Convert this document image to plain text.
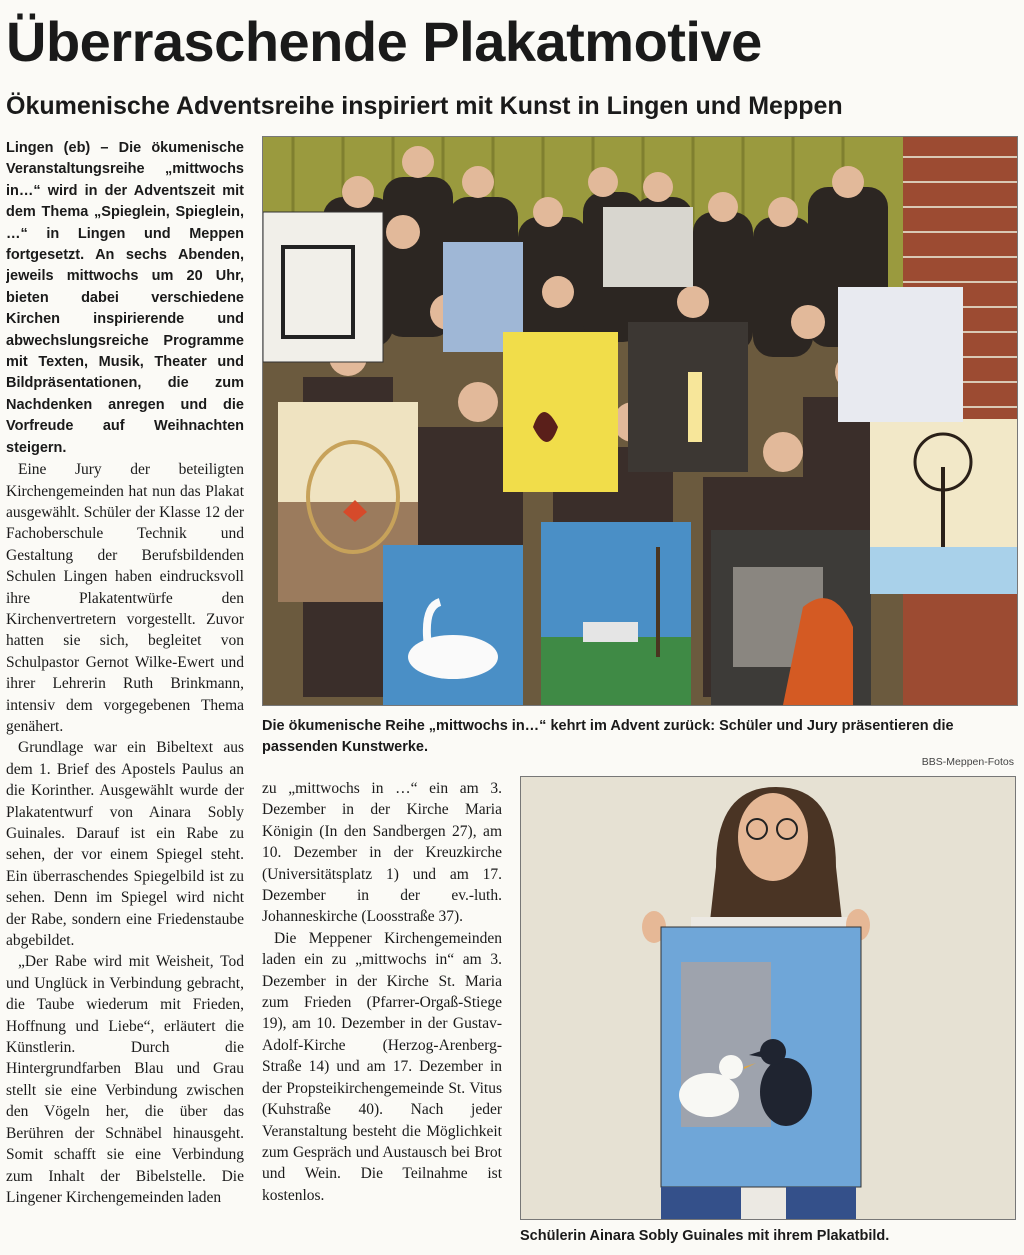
Überraschende Plakatmotive
Ökumenische Adventsreihe inspiriert mit Kunst in Lingen und Meppen

Lingen (eb) – Die ökumenische Veranstaltungsreihe „mittwochs in…“ wird in der Adventszeit mit dem Thema „Spieglein, Spieglein, …“ in Lingen und Meppen fortgesetzt. An sechs Abenden, jeweils mittwochs um 20 Uhr, bieten dabei verschiedene Kirchen inspirierende und abwechslungsreiche Programme mit Texten, Musik, Theater und Bildpräsentationen, die zum Nachdenken anregen und die Vorfreude auf Weihnachten steigern.

Eine Jury der beteiligten Kirchengemeinden hat nun das Plakat ausgewählt. Schüler der Klasse 12 der Fachoberschule Technik und Gestaltung der Berufsbildenden Schulen Lingen haben eindrucksvoll ihre Plakatentwürfe den Kirchenvertretern vorgestellt. Zuvor hatten sie sich, begleitet von Schulpastor Gernot Wilke-Ewert und ihrer Lehrerin Ruth Brinkmann, intensiv dem vorgegebenen Thema genähert.

Grundlage war ein Bibeltext aus dem 1. Brief des Apostels Paulus an die Korinther. Ausgewählt wurde der Plakatentwurf von Ainara Sobly Guinales. Darauf ist ein Rabe zu sehen, der vor einem Spiegel steht. Ein überraschendes Spiegelbild ist zu sehen. Denn im Spiegel wird nicht der Rabe, sondern eine Friedenstaube abgebildet.

„Der Rabe wird mit Weisheit, Tod und Unglück in Verbindung gebracht, die Taube wiederum mit Frieden, Hoffnung und Liebe“, erläutert die Künstlerin. Durch die Hintergrundfarben Blau und Grau stellt sie eine Verbindung zwischen den Vögeln her, die über das Berühren der Schnäbel hinausgeht. Somit schafft sie eine Verbindung zum Inhalt der Bibelstelle. Die Lingener Kirchengemeinden laden

zu „mittwochs in …“ ein am 3. Dezember in der Kirche Maria Königin (In den Sandbergen 27), am 10. Dezember in der Kreuzkirche (Universitätsplatz 1) und am 17. Dezember in der ev.-luth. Johanneskirche (Loosstraße 37).

Die Meppener Kirchengemeinden laden ein zu „mittwochs in“ am 3. Dezember in der Kirche St. Maria zum Frieden (Pfarrer-Orgaß-Stiege 19), am 10. Dezember in der Gustav-Adolf-Kirche (Herzog-Arenberg-Straße 14) und am 17. Dezember in der Propsteikirchengemeinde St. Vitus (Kuhstraße 40). Nach jeder Veranstaltung besteht die Möglichkeit zum Gespräch und Austausch bei Brot und Wein. Die Teilnahme ist kostenlos.

Die ökumenische Reihe „mittwochs in…“ kehrt im Advent zurück: Schüler und Jury präsentieren die passenden Kunstwerke.
BBS-Meppen-Fotos
Schülerin Ainara Sobly Guinales mit ihrem Plakatbild.
